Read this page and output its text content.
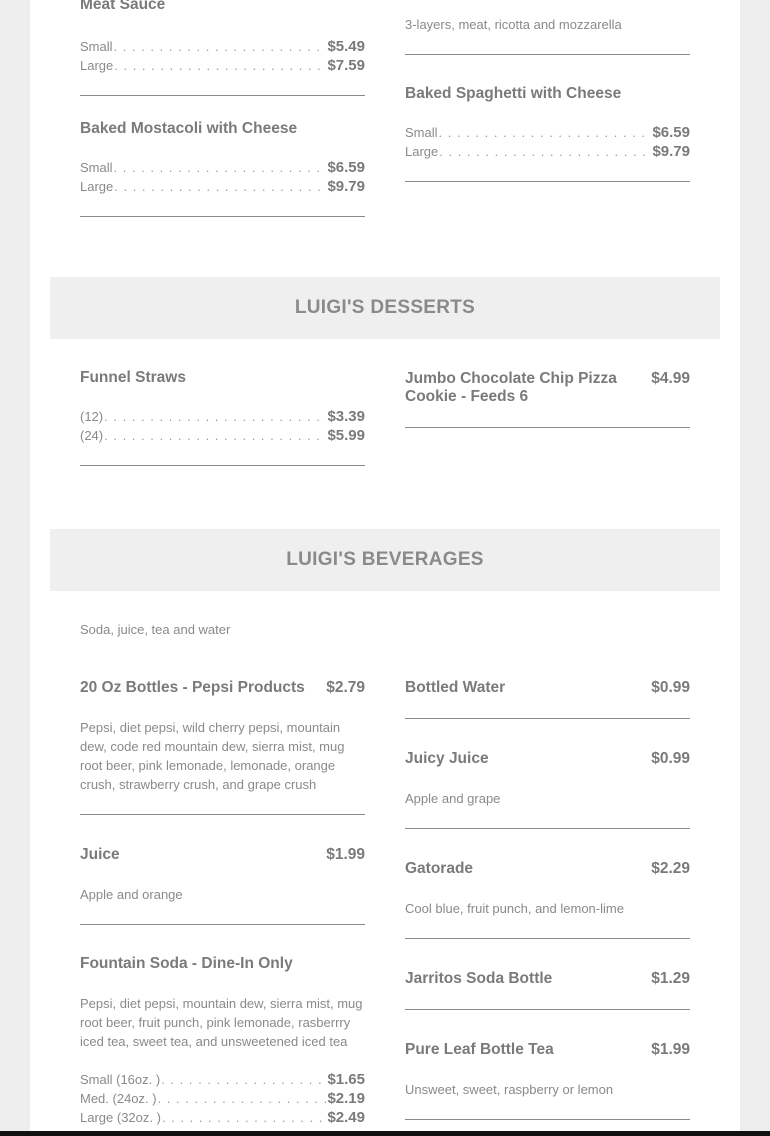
Meat Sauce
Small . . .	$5.49
Large . . .	$7.59
3-layers, meat, ricotta and mozzarella
Baked Mostacoli with Cheese
Small . . .	$6.59
Large . . .	$9.79
Baked Spaghetti with Cheese
Small . . .	$6.59
Large . . .	$9.79
LUIGI'S DESSERTS
Funnel Straws
(12) . . .	$3.39
(24) . . .	$5.99
Jumbo Chocolate Chip Pizza Cookie - Feeds 6
$4.99
LUIGI'S BEVERAGES
Soda, juice, tea and water
20 Oz Bottles - Pepsi Products $2.79
Pepsi, diet pepsi, wild cherry pepsi, mountain dew, code red mountain dew, sierra mist, mug root beer, pink lemonade, lemonade, orange crush, strawberry crush, and grape crush
Juice	$1.99
Apple and orange
Fountain Soda - Dine-In Only
Pepsi, diet pepsi, mountain dew, sierra mist, mug root beer, fruit punch, pink lemonade, rasberrry iced tea, sweet tea, and unsweetened iced tea
Small (16oz. ) . . .	$1.65
Med. (24oz. ) . . .	$2.19
Large (32oz. ) . . .	$2.49
Bottled Water	$0.99
Juicy Juice	$0.99
Apple and grape
Gatorade	$2.29
Cool blue, fruit punch, and lemon-lime
Jarritos Soda Bottle	$1.29
Pure Leaf Bottle Tea	$1.99
Unsweet, sweet, raspberry or lemon
